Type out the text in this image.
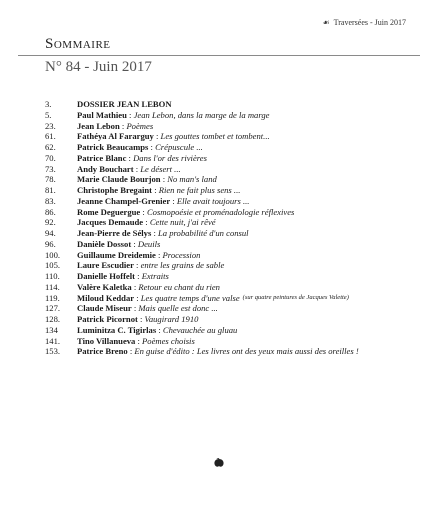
☙ Traversées - Juin 2017
Sommaire
N° 84 - Juin 2017
3.	DOSSIER JEAN LEBON
5.	Paul Mathieu : Jean Lebon, dans la marge de la marge
23.	Jean Lebon : Poèmes
61.	Fathéya Al Fararguy : Les gouttes tombet et tombent...
62.	Patrick Beaucamps : Crépuscule ...
70.	Patrice Blanc : Dans l'or des rivières
73.	Andy Bouchart : Le désert ...
78.	Marie Claude Bourjon : No man's land
81.	Christophe Bregaint : Rien ne fait plus sens ...
83.	Jeanne Champel-Grenier : Elle avait toujours ...
86.	Rome Deguergue : Cosmopoésie et proménadologie réflexives
92.	Jacques Demaude : Cette nuit, j'ai rêvé
94.	Jean-Pierre de Sélys : La probabilité d'un consul
96.	Danièle Dossot : Deuils
100.	Guillaume Dreidemie : Procession
105.	Laure Escudier : entre les grains de sable
110.	Danielle Hoffelt : Extraits
114.	Valère Kaletka : Retour eu chant du rien
119.	Miloud Keddar : Les quatre temps d'une valse (sur quatre peintures de Jacques Valette)
127.	Claude Miseur : Mais quelle est donc ...
128.	Patrick Picornot : Vaugirard 1910
134	Luminitza C. Tigirlas : Chevauchée au gluau
141.	Tino Villanueva : Poèmes choisis
153.	Patrice Breno : En guise d'édito : Les livres ont des yeux mais aussi des oreilles !
